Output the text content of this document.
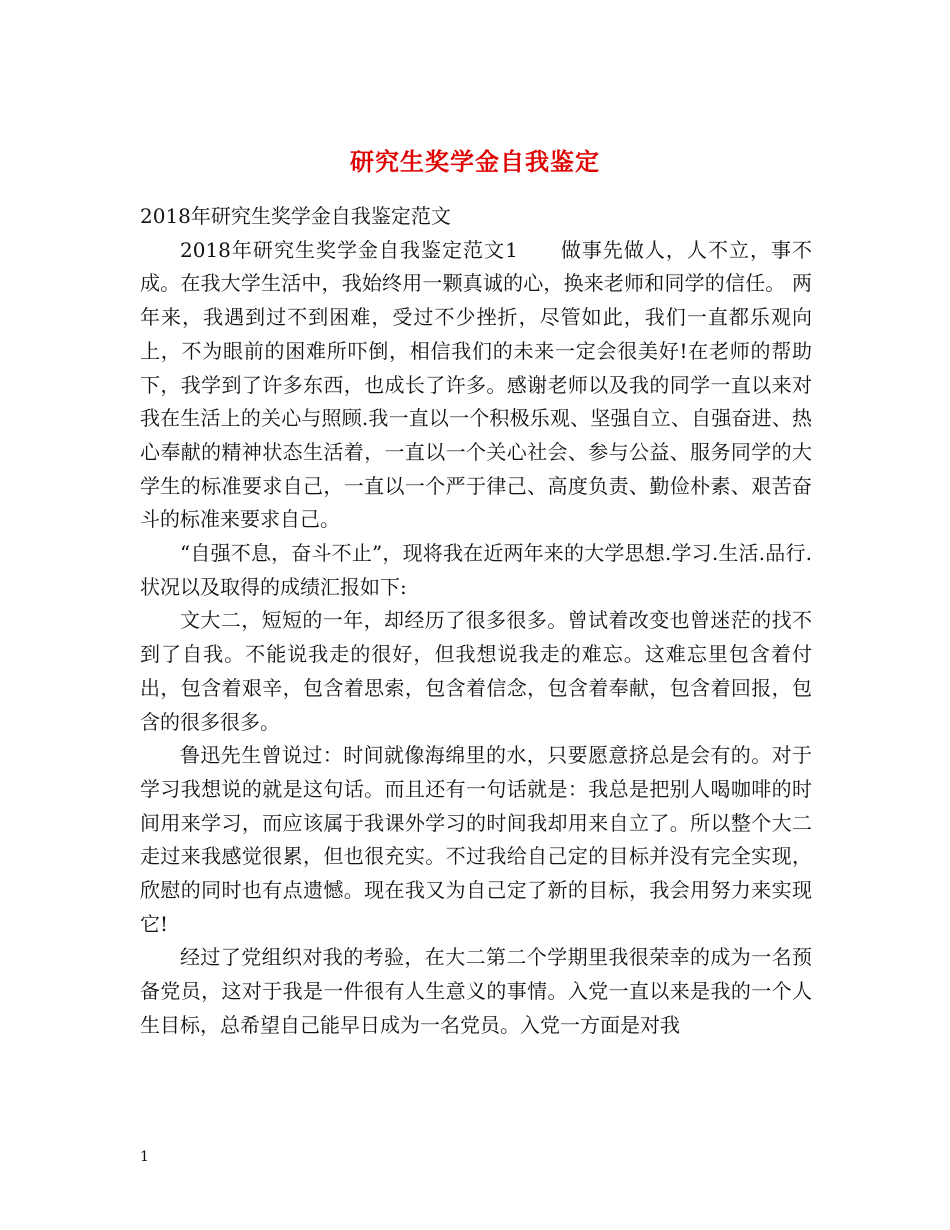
研究生奖学金自我鉴定

2018年研究生奖学金自我鉴定范文

2018年研究生奖学金自我鉴定范文1　　做事先做人，人不立，事不成。在我大学生活中，我始终用一颗真诚的心，换来老师和同学的信任。 两年来，我遇到过不到困难，受过不少挫折，尽管如此，我们一直都乐观向上，不为眼前的困难所吓倒，相信我们的未来一定会很美好!在老师的帮助下，我学到了许多东西，也成长了许多。感谢老师以及我的同学一直以来对我在生活上的关心与照顾.我一直以一个积极乐观、坚强自立、自强奋进、热心奉献的精神状态生活着，一直以一个关心社会、参与公益、服务同学的大学生的标准要求自己，一直以一个严于律己、高度负责、勤俭朴素、艰苦奋斗的标准来要求自己。

“自强不息，奋斗不止”，现将我在近两年来的大学思想.学习.生活.品行.状况以及取得的成绩汇报如下:

文大二，短短的一年，却经历了很多很多。曾试着改变也曾迷茫的找不到了自我。不能说我走的很好，但我想说我走的难忘。这难忘里包含着付出，包含着艰辛，包含着思索，包含着信念，包含着奉献，包含着回报，包含的很多很多。

鲁迅先生曾说过：时间就像海绵里的水，只要愿意挤总是会有的。对于学习我想说的就是这句话。而且还有一句话就是：我总是把别人喝咖啡的时间用来学习，而应该属于我课外学习的时间我却用来自立了。所以整个大二走过来我感觉很累，但也很充实。不过我给自己定的目标并没有完全实现，欣慰的同时也有点遗憾。现在我又为自己定了新的目标，我会用努力来实现它!

经过了党组织对我的考验，在大二第二个学期里我很荣幸的成为一名预备党员，这对于我是一件很有人生意义的事情。入党一直以来是我的一个人生目标，总希望自己能早日成为一名党员。入党一方面是对我

1
